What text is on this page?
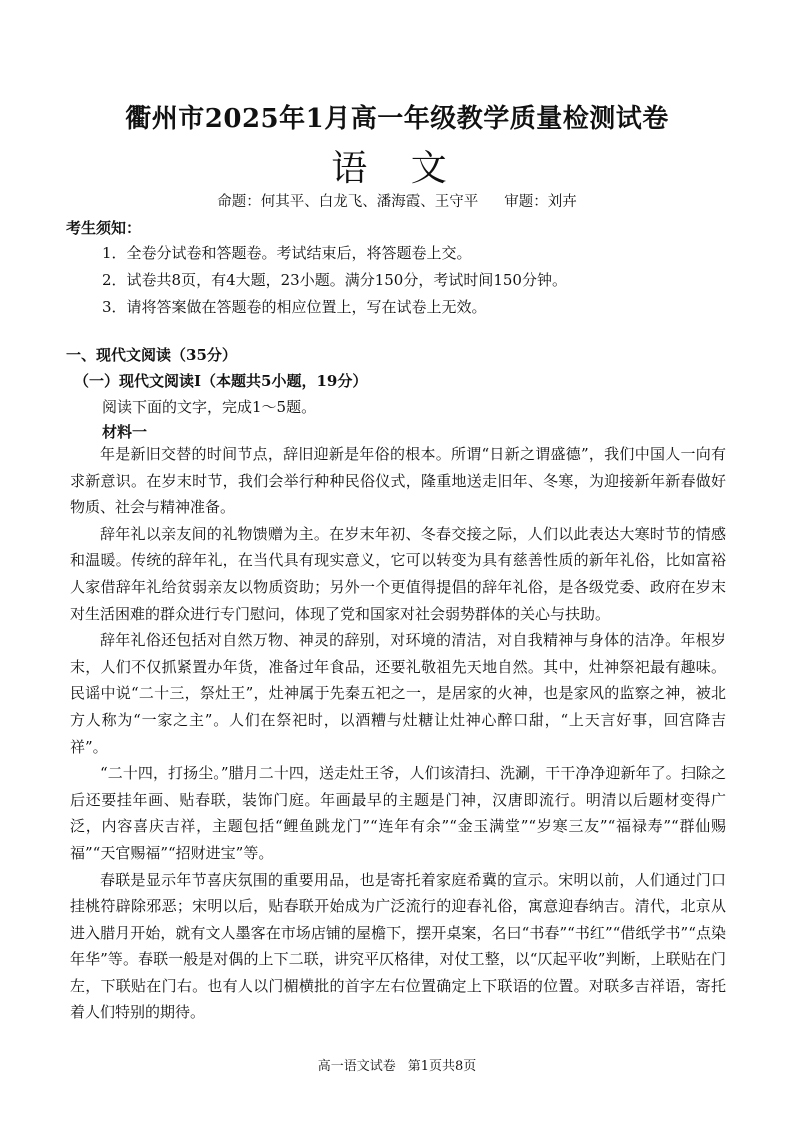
衢州市2025年1月高一年级教学质量检测试卷
语 文
命题：何其平、白龙飞、潘海霞、王守平 审题：刘卉
考生须知：
1．全卷分试卷和答题卷。考试结束后，将答题卷上交。
2．试卷共8页，有4大题，23小题。满分150分，考试时间150分钟。
3．请将答案做在答题卷的相应位置上，写在试卷上无效。
一、现代文阅读（35分）
（一）现代文阅读Ⅰ（本题共5小题，19分）
阅读下面的文字，完成1～5题。
材料一

年是新旧交替的时间节点，辞旧迎新是年俗的根本。所谓“日新之谓盛德”，我们中国人一向有求新意识。在岁末时节，我们会举行种种民俗仪式，隆重地送走旧年、冬寒，为迎接新年新春做好物质、社会与精神准备。

辞年礼以亲友间的礼物馈赠为主。在岁末年初、冬春交接之际，人们以此表达大寒时节的情感和温暖。传统的辞年礼，在当代具有现实意义，它可以转变为具有慈善性质的新年礼俗，比如富裕人家借辞年礼给贫弱亲友以物质资助；另外一个更值得提倡的辞年礼俗，是各级党委、政府在岁末对生活困难的群众进行专门慰问，体现了党和国家对社会弱势群体的关心与扶助。

辞年礼俗还包括对自然万物、神灵的辞别，对环境的清洁，对自我精神与身体的洁净。年根岁末，人们不仅抓紧置办年货，准备过年食品，还要礼敬祖先天地自然。其中，灶神祭祀最有趣味。民谣中说“二十三，祭灶王”，灶神属于先秦五祀之一，是居家的火神，也是家风的监察之神，被北方人称为“一家之主”。人们在祭祀时，以酒糟与灶糖让灶神心醉口甜，“上天言好事，回宫降吉祥”。

“二十四，打扬尘。”腊月二十四，送走灶王爷，人们该清扫、洗涮，干干净净迎新年了。扫除之后还要挂年画、贴春联，装饰门庭。年画最早的主题是门神，汉唐即流行。明清以后题材变得广泛，内容喜庆吉祥，主题包括“鲤鱼跳龙门”“连年有余”“金玉满堂”“岁寒三友”“福禄寿”“群仙赐福”“天官赐福”“招财进宝”等。

春联是显示年节喜庆氛围的重要用品，也是寄托着家庭希冀的宣示。宋明以前，人们通过门口挂桃符辟除邪恶；宋明以后，贴春联开始成为广泛流行的迎春礼俗，寓意迎春纳吉。清代，北京从进入腊月开始，就有文人墨客在市场店铺的屋檐下，摆开桌案，名曰“书春”“书红”“借纸学书”“点染年华”等。春联一般是对偶的上下二联，讲究平仄格律，对仗工整，以“仄起平收”判断，上联贴在门左，下联贴在门右。也有人以门楣横批的首字左右位置确定上下联语的位置。对联多吉祥语，寄托着人们特别的期待。

高一语文试卷 第1页共8页
